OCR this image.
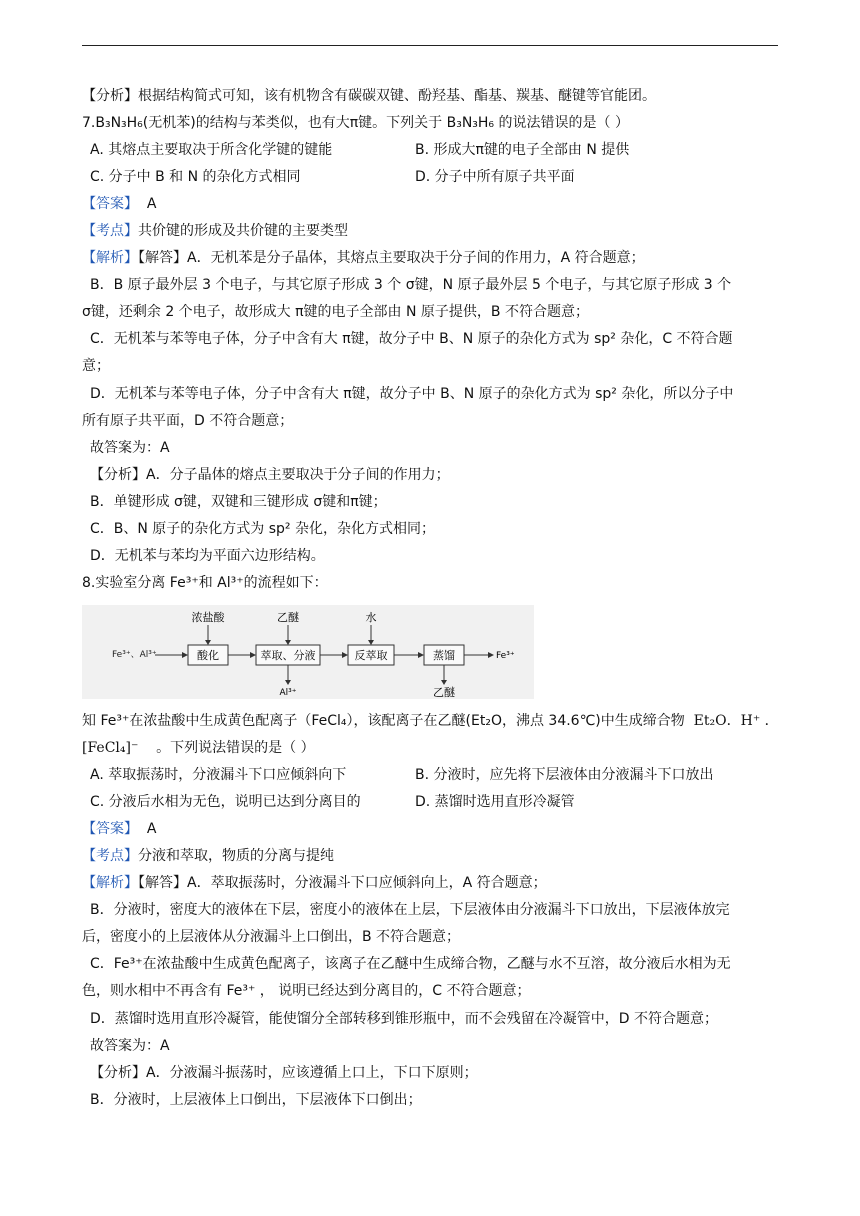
【分析】根据结构简式可知，该有机物含有碳碳双键、酚羟基、酯基、羰基、醚键等官能团。
7.B₃N₃H₆(无机苯)的结构与苯类似，也有大π键。下列关于 B₃N₃H₆ 的说法错误的是（ ）
A. 其熔点主要取决于所含化学键的键能	B. 形成大π键的电子全部由 N 提供
C. 分子中 B 和 N 的杂化方式相同	D. 分子中所有原子共平面
【答案】 A
【考点】共价键的形成及共价键的主要类型
【解析】【解答】A．无机苯是分子晶体，其熔点主要取决于分子间的作用力，A 符合题意；
B．B 原子最外层 3 个电子，与其它原子形成 3 个 σ键，N 原子最外层 5 个电子，与其它原子形成 3 个
σ键，还剩余 2 个电子，故形成大 π键的电子全部由 N 原子提供，B 不符合题意；
C．无机苯与苯等电子体，分子中含有大 π键，故分子中 B、N 原子的杂化方式为 sp² 杂化，C 不符合题
意；
D．无机苯与苯等电子体，分子中含有大 π键，故分子中 B、N 原子的杂化方式为 sp² 杂化，所以分子中
所有原子共平面，D 不符合题意；
故答案为：A
【分析】A．分子晶体的熔点主要取决于分子间的作用力；
B．单键形成 σ键，双键和三键形成 σ键和π键；
C．B、N 原子的杂化方式为 sp² 杂化，杂化方式相同；
D．无机苯与苯均为平面六边形结构。
8.实验室分离 Fe³⁺和 Al³⁺的流程如下：
Fe³⁺、Al³⁺	酸化	萃取、分液	反萃取	蒸馏	Fe³⁺
浓盐酸	乙醚	水
Al³⁺	乙醚
知 Fe³⁺在浓盐酸中生成黄色配离子（FeCl₄），该配离子在乙醚(Et₂O，沸点 34.6℃)中生成缔合物 Et₂O．H⁺ ．
[FeCl₄]⁻ 。下列说法错误的是（ ）
A. 萃取振荡时，分液漏斗下口应倾斜向下	B. 分液时，应先将下层液体由分液漏斗下口放出
C. 分液后水相为无色，说明已达到分离目的	D. 蒸馏时选用直形冷凝管
【答案】 A
【考点】分液和萃取，物质的分离与提纯
【解析】【解答】A．萃取振荡时，分液漏斗下口应倾斜向上，A 符合题意；
B．分液时，密度大的液体在下层，密度小的液体在上层，下层液体由分液漏斗下口放出，下层液体放完
后，密度小的上层液体从分液漏斗上口倒出，B 不符合题意；
C．Fe³⁺在浓盐酸中生成黄色配离子，该离子在乙醚中生成缔合物，乙醚与水不互溶，故分液后水相为无
色，则水相中不再含有 Fe³⁺ ， 说明已经达到分离目的，C 不符合题意；
D．蒸馏时选用直形冷凝管，能使馏分全部转移到锥形瓶中，而不会残留在冷凝管中，D 不符合题意；
故答案为：A
【分析】A．分液漏斗振荡时，应该遵循上口上，下口下原则；
B．分液时，上层液体上口倒出，下层液体下口倒出；
